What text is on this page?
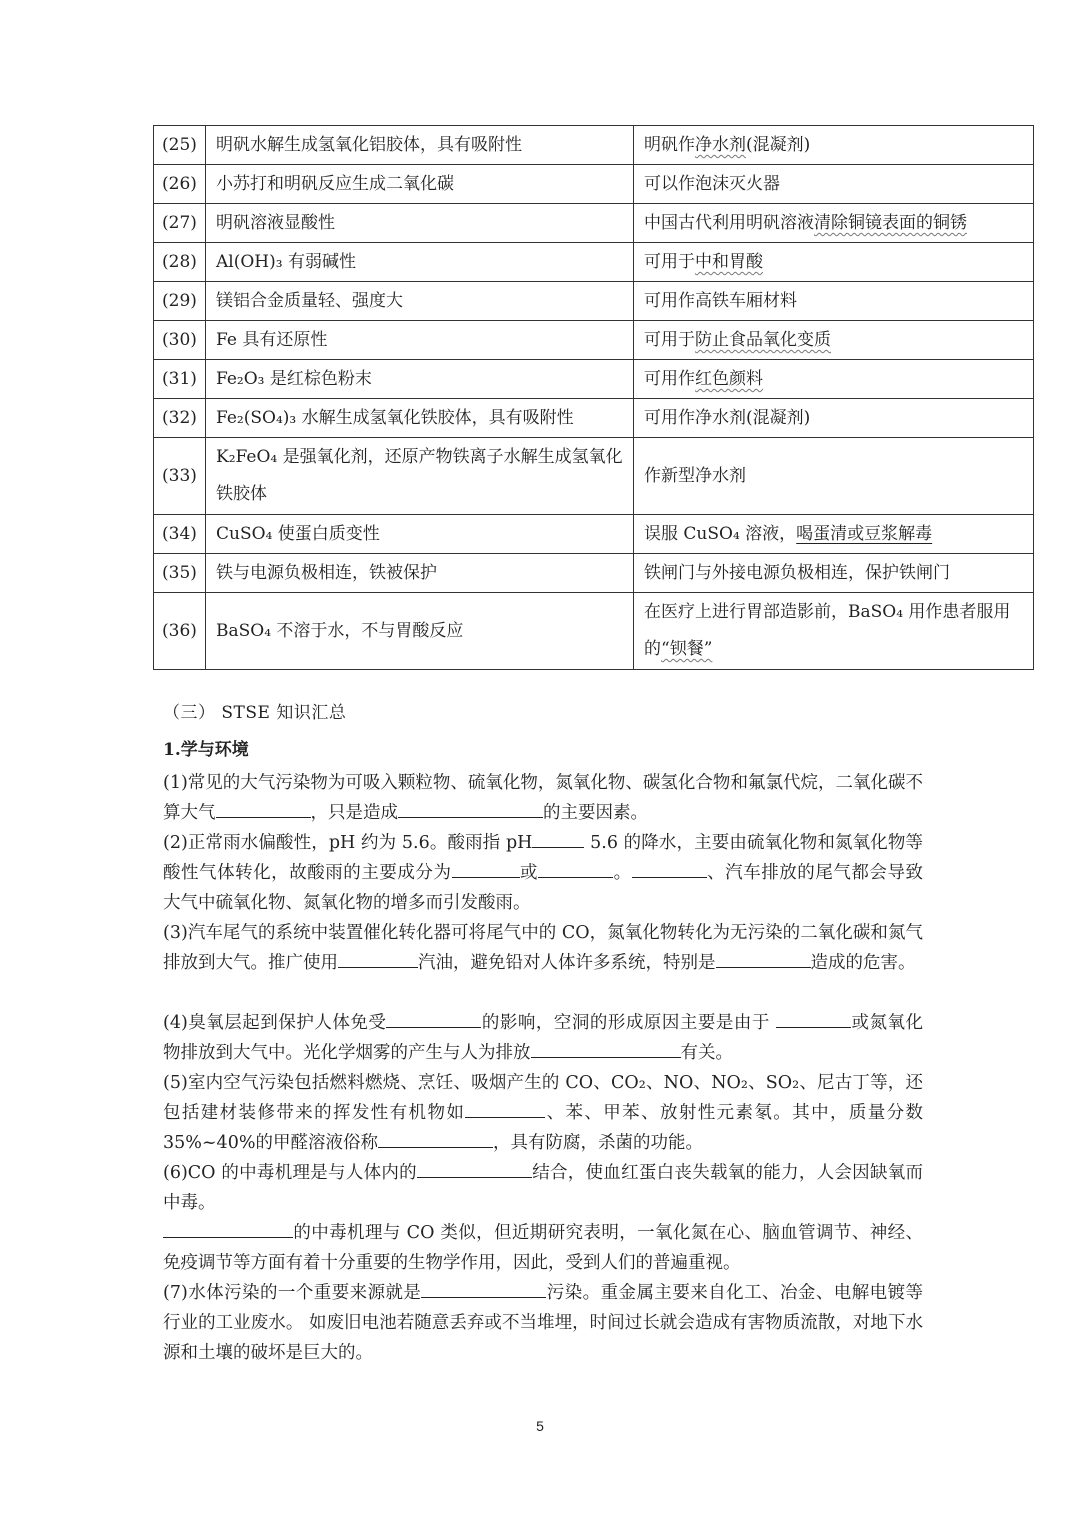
(25)	明矾水解生成氢氧化铝胶体，具有吸附性	明矾作净水剂(混凝剂)
(26)	小苏打和明矾反应生成二氧化碳	可以作泡沫灭火器
(27)	明矾溶液显酸性	中国古代利用明矾溶液清除铜镜表面的铜锈
(28)	Al(OH)₃ 有弱碱性	可用于中和胃酸
(29)	镁铝合金质量轻、强度大	可用作高铁车厢材料
(30)	Fe 具有还原性	可用于防止食品氧化变质
(31)	Fe₂O₃ 是红棕色粉末	可用作红色颜料
(32)	Fe₂(SO₄)₃ 水解生成氢氧化铁胶体，具有吸附性	可用作净水剂(混凝剂)
(33)	K₂FeO₄ 是强氧化剂，还原产物铁离子水解生成氢氧化铁胶体	作新型净水剂
(34)	CuSO₄ 使蛋白质变性	误服 CuSO₄ 溶液，喝蛋清或豆浆解毒
(35)	铁与电源负极相连，铁被保护	铁闸门与外接电源负极相连，保护铁闸门
(36)	BaSO₄ 不溶于水，不与胃酸反应	在医疗上进行胃部造影前，BaSO₄ 用作患者服用的“钡餐”
（三） STSE 知识汇总
1.学与环境
(1)常见的大气污染物为可吸入颗粒物、硫氧化物，氮氧化物、碳氢化合物和氟氯代烷，二氧化碳不算大气	，只是造成	的主要因素。
(2)正常雨水偏酸性，pH 约为 5.6。酸雨指 pH	5.6 的降水，主要由硫氧化物和氮氧化物等酸性气体转化，故酸雨的主要成分为	或	。	、汽车排放的尾气都会导致大气中硫氧化物、氮氧化物的增多而引发酸雨。
(3)汽车尾气的系统中装置催化转化器可将尾气中的 CO，氮氧化物转化为无污染的二氧化碳和氮气排放到大气。推广使用	汽油，避免铅对人体许多系统，特别是	造成的危害。
(4)臭氧层起到保护人体免受	的影响，空洞的形成原因主要是由于	或氮氧化物排放到大气中。光化学烟雾的产生与人为排放	有关。
(5)室内空气污染包括燃料燃烧、烹饪、吸烟产生的 CO、CO₂、NO、NO₂、SO₂、尼古丁等，还包括建材装修带来的挥发性有机物如	、苯、甲苯、放射性元素氡。其中，质量分数 35%~40%的甲醛溶液俗称	，具有防腐，杀菌的功能。
(6)CO 的中毒机理是与人体内的	结合，使血红蛋白丧失载氧的能力，人会因缺氧而中毒。
的中毒机理与 CO 类似，但近期研究表明，一氧化氮在心、脑血管调节、神经、免疫调节等方面有着十分重要的生物学作用，因此，受到人们的普遍重视。
(7)水体污染的一个重要来源就是	污染。重金属主要来自化工、冶金、电解电镀等行业的工业废水。 如废旧电池若随意丢弃或不当堆埋，时间过长就会造成有害物质流散，对地下水源和土壤的破坏是巨大的。
5
